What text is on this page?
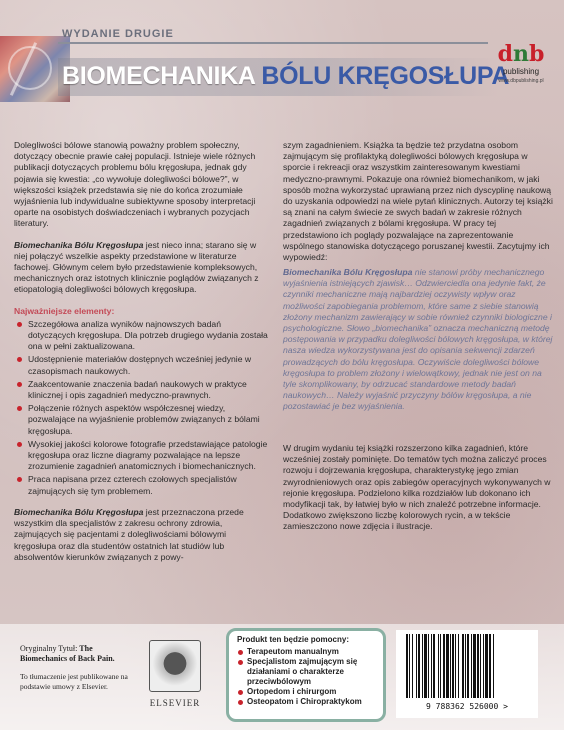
WYDANIE DRUGIE
BIOMECHANIKA BÓLU KRĘGOSŁUPA
dnb
publishing
www.dbpublishing.pl

Dolegliwości bólowe stanowią poważny problem społeczny, dotyczący obecnie prawie całej populacji. Istnieje wiele różnych publikacji dotyczących problemu bólu kręgosłupa, jednak gdy pojawia się kwestia: „co wywołuje dolegliwości bólowe?”, w większości książek przedstawia się nie do końca zrozumiałe wyjaśnienia lub indywidualne subiektywne sposoby interpretacji oparte na osobistych doświadczeniach i wybranych pozycjach literatury.

Biomechanika Bólu Kręgosłupa jest nieco inna; starano się w niej połączyć wszelkie aspekty przedstawione w literaturze fachowej. Głównym celem było przedstawienie kompleksowych, mechanicznych oraz istotnych klinicznie poglądów związanych z etiopatologią dolegliwości bólowych kręgosłupa.

Najważniejsze elementy:
Szczegółowa analiza wyników najnowszych badań dotyczących kręgosłupa. Dla potrzeb drugiego wydania została ona w pełni zaktualizowana.
Udostępnienie materiałów dostępnych wcześniej jedynie w czasopismach naukowych.
Zaakcentowanie znaczenia badań naukowych w praktyce klinicznej i opis zagadnień medyczno-prawnych.
Połączenie różnych aspektów współczesnej wiedzy, pozwalające na wyjaśnienie problemów związanych z bólami kręgosłupa.
Wysokiej jakości kolorowe fotografie przedstawiające patologie kręgosłupa oraz liczne diagramy pozwalające na lepsze zrozumienie zagadnień anatomicznych i biomechanicznych.
Praca napisana przez czterech czołowych specjalistów zajmujących się tym problemem.

Biomechanika Bólu Kręgosłupa jest przeznaczona przede wszystkim dla specjalistów z zakresu ochrony zdrowia, zajmujących się pacjentami z dolegliwościami bólowymi kręgosłupa oraz dla studentów ostatnich lat studiów lub absolwentów kierunków związanych z powy-

szym zagadnieniem. Książka ta będzie też przydatna osobom zajmującym się profilaktyką dolegliwości bólowych kręgosłupa w sporcie i rekreacji oraz wszystkim zainteresowanym kwestiami medyczno-prawnymi. Pokazuje ona również biomechanikom, w jaki sposób można wykorzystać uprawianą przez nich dyscyplinę naukową do uzyskania odpowiedzi na wiele pytań klinicznych. Autorzy tej książki są znani na całym świecie ze swych badań w zakresie różnych zagadnień związanych z bólami kręgosłupa. W pracy tej przedstawiono ich poglądy pozwalające na zaprezentowanie wspólnego stanowiska dotyczącego poruszanej kwestii. Zacytujmy ich wypowiedź:

Biomechanika Bólu Kręgosłupa nie stanowi próby mechanicznego wyjaśnienia istniejących zjawisk… Odzwierciedla ona jedynie fakt, że czynniki mechaniczne mają najbardziej oczywisty wpływ oraz możliwości zapobiegania problemom, które same z siebie stanowią złożony mechanizm zawierający w sobie również czynniki biologiczne i psychologiczne. Słowo „biomechanika” oznacza mechaniczną metodę postępowania w przypadku dolegliwości bólowych kręgosłupa, w której nasza wiedza wykorzystywana jest do opisania sekwencji zdarzeń prowadzących do bólu kręgosłupa. Oczywiście dolegliwości bólowe kręgosłupa to problem złożony i wielowątkowy, jednak nie jest on na tyle skomplikowany, by odrzucać standardowe metody badań naukowych… Należy wyjaśnić przyczyny bólów kręgosłupa, a nie pozostawiać je bez wyjaśnienia.

W drugim wydaniu tej książki rozszerzono kilka zagadnień, które wcześniej zostały pominięte. Do tematów tych można zaliczyć proces rozwoju i dojrzewania kręgosłupa, charakterystykę jego zmian zwyrodnieniowych oraz opis zabiegów operacyjnych wykonywanych w rejonie kręgosłupa. Podzielono kilka rozdziałów lub dokonano ich modyfikacji tak, by łatwiej było w nich znaleźć potrzebne informacje. Dodatkowo zwiększono liczbę kolorowych rycin, a w tekście zamieszczono nowe zdjęcia i ilustracje.

Oryginalny Tytuł: The Biomechanics of Back Pain.
To tłumaczenie jest publikowane na podstawie umowy z Elsevier.
ELSEVIER
Produkt ten będzie pomocny:
Terapeutom manualnym
Specjalistom zajmującym się działaniami o charakterze przeciwbólowym
Ortopedom i chirurgom
Osteopatom i Chiropraktykom
9 788362 526000 >
